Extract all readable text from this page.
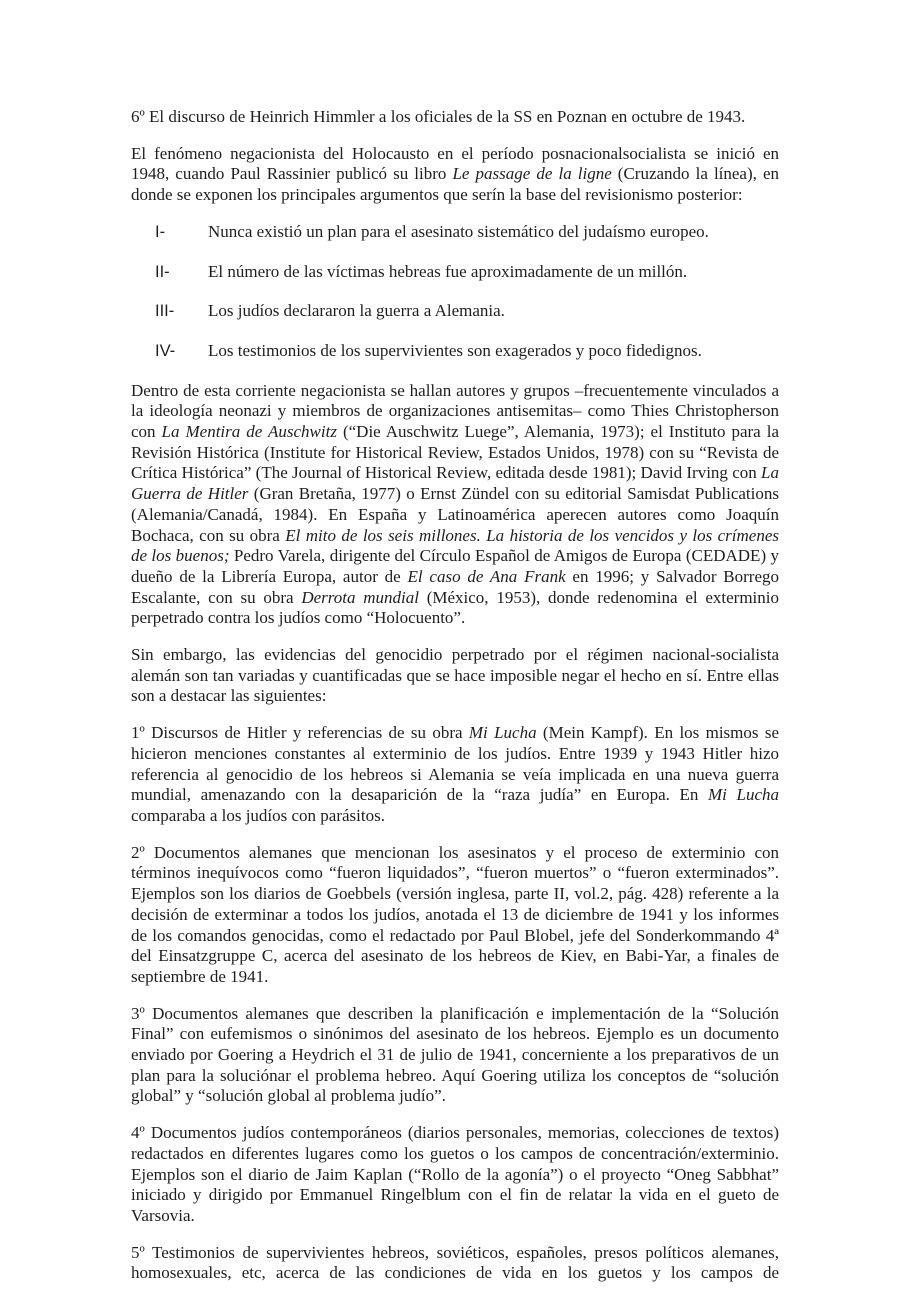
6º El discurso de Heinrich Himmler a los oficiales de la SS en Poznan en octubre de 1943.

El fenómeno negacionista del Holocausto en el período posnacionalsocialista se inició en 1948, cuando Paul Rassinier publicó su libro Le passage de la ligne (Cruzando la línea), en donde se exponen los principales argumentos que serín la base del revisionismo posterior:

I-	Nunca existió un plan para el asesinato sistemático del judaísmo europeo.
II-	El número de las víctimas hebreas fue aproximadamente de un millón.
III-	Los judíos declararon la guerra a Alemania.
IV-	Los testimonios de los supervivientes son exagerados y poco fidedignos.

Dentro de esta corriente negacionista se hallan autores y grupos –frecuentemente vinculados a la ideología neonazi y miembros de organizaciones antisemitas– como Thies Christopherson con La Mentira de Auschwitz (“Die Auschwitz Luege”, Alemania, 1973); el Instituto para la Revisión Histórica (Institute for Historical Review, Estados Unidos, 1978) con su “Revista de Crítica Histórica” (The Journal of Historical Review, editada desde 1981); David Irving con La Guerra de Hitler (Gran Bretaña, 1977) o Ernst Zündel con su editorial Samisdat Publications (Alemania/Canadá, 1984). En España y Latinoamérica aperecen autores como Joaquín Bochaca, con su obra El mito de los seis millones. La historia de los vencidos y los crímenes de los buenos; Pedro Varela, dirigente del Círculo Español de Amigos de Europa (CEDADE) y dueño de la Librería Europa, autor de El caso de Ana Frank en 1996; y Salvador Borrego Escalante, con su obra Derrota mundial (México, 1953), donde redenomina el exterminio perpetrado contra los judíos como “Holocuento”.

Sin embargo, las evidencias del genocidio perpetrado por el régimen nacional-socialista alemán son tan variadas y cuantificadas que se hace imposible negar el hecho en sí. Entre ellas son a destacar las siguientes:

1º Discursos de Hitler y referencias de su obra Mi Lucha (Mein Kampf). En los mismos se hicieron menciones constantes al exterminio de los judíos. Entre 1939 y 1943 Hitler hizo referencia al genocidio de los hebreos si Alemania se veía implicada en una nueva guerra mundial, amenazando con la desaparición de la “raza judía” en Europa. En Mi Lucha comparaba a los judíos con parásitos.

2º Documentos alemanes que mencionan los asesinatos y el proceso de exterminio con términos inequívocos como “fueron liquidados”, “fueron muertos” o “fueron exterminados”. Ejemplos son los diarios de Goebbels (versión inglesa, parte II, vol.2, pág. 428) referente a la decisión de exterminar a todos los judíos, anotada el 13 de diciembre de 1941 y los informes de los comandos genocidas, como el redactado por Paul Blobel, jefe del Sonderkommando 4ª del Einsatzgruppe C, acerca del asesinato de los hebreos de Kiev, en Babi-Yar, a finales de septiembre de 1941.

3º Documentos alemanes que describen la planificación e implementación de la “Solución Final” con eufemismos o sinónimos del asesinato de los hebreos. Ejemplo es un documento enviado por Goering a Heydrich el 31 de julio de 1941, concerniente a los preparativos de un plan para la soluciónar el problema hebreo. Aquí Goering utiliza los conceptos de “solución global” y “solución global al problema judío”.

4º Documentos judíos contemporáneos (diarios personales, memorias, colecciones de textos) redactados en diferentes lugares como los guetos o los campos de concentración/exterminio. Ejemplos son el diario de Jaim Kaplan (“Rollo de la agonía”) o el proyecto “Oneg Sabbhat” iniciado y dirigido por Emmanuel Ringelblum con el fin de relatar la vida en el gueto de Varsovia.

5º Testimonios de supervivientes hebreos, soviéticos, españoles, presos políticos alemanes, homosexuales, etc, acerca de las condiciones de vida en los guetos y los campos de
